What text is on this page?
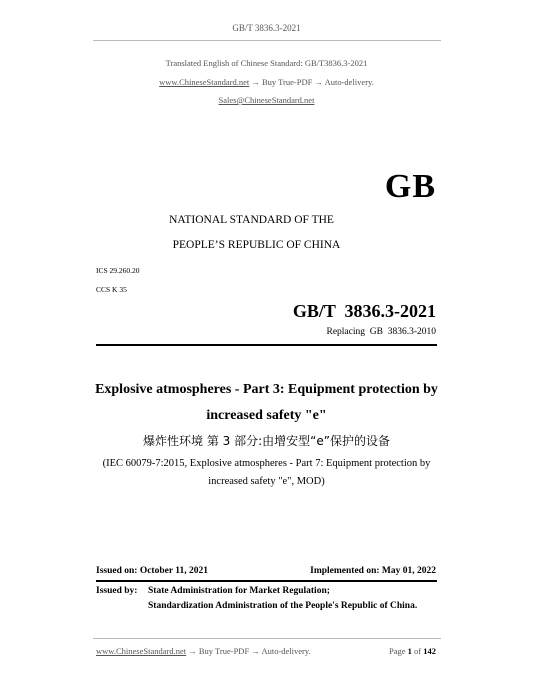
GB/T 3836.3-2021
Translated English of Chinese Standard: GB/T3836.3-2021
www.ChineseStandard.net → Buy True-PDF → Auto-delivery.
Sales@ChineseStandard.net
GB
NATIONAL STANDARD OF THE
PEOPLE’S REPUBLIC OF CHINA
ICS 29.260.20
CCS K 35
GB/T  3836.3-2021
Replacing  GB  3836.3-2010
Explosive atmospheres - Part 3: Equipment protection by
increased safety "e"
爆炸性环境 第 3 部分:由增安型“e”保护的设备
(IEC 60079-7:2015, Explosive atmospheres - Part 7: Equipment protection by
increased safety "e", MOD)
Issued on: October 11, 2021	Implemented on: May 01, 2022
Issued by: State Administration for Market Regulation;
Standardization Administration of the People's Republic of China.
www.ChineseStandard.net → Buy True-PDF → Auto-delivery.	Page 1 of 142
